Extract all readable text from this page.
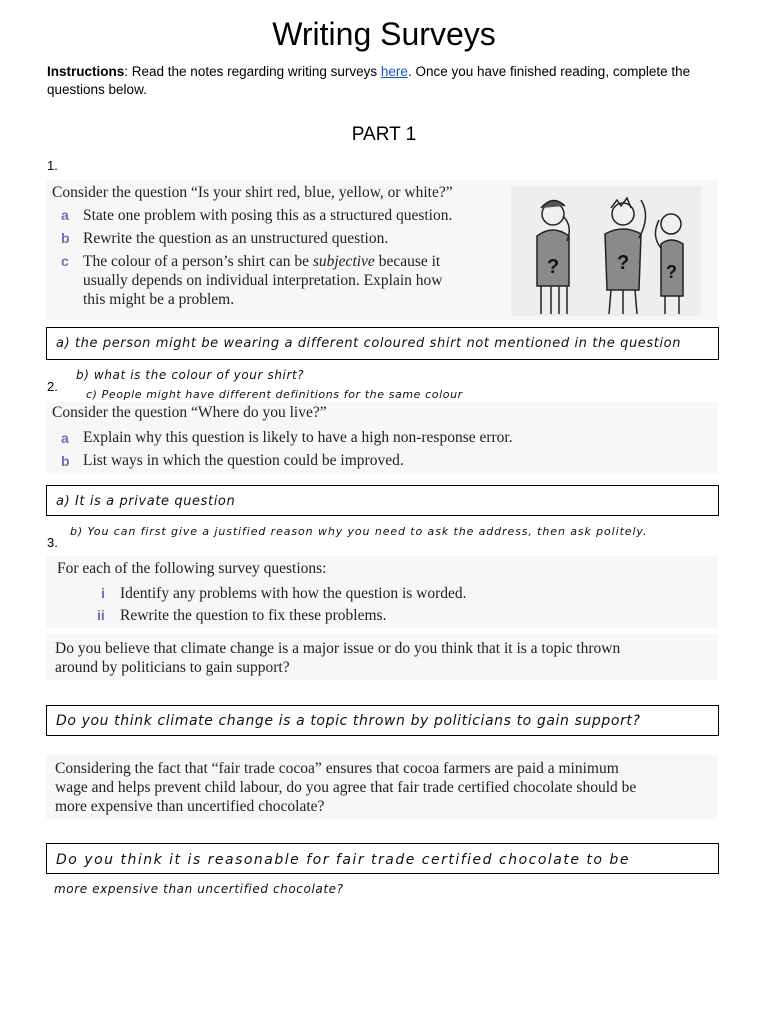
Writing Surveys
Instructions: Read the notes regarding writing surveys here. Once you have finished reading, complete the questions below.
PART 1
1.
Consider the question “Is your shirt red, blue, yellow, or white?”
a State one problem with posing this as a structured question.
b Rewrite the question as an unstructured question.
c The colour of a person’s shirt can be subjective because it
usually depends on individual interpretation. Explain how
this might be a problem.
?	? ?
a) the person might be wearing a different coloured shirt not mentioned in the question
b) what is the colour of your shirt?
c) People might have different definitions for the same colour
2.
Consider the question “Where do you live?”
a Explain why this question is likely to have a high non-response error.
b List ways in which the question could be improved.
a) It is a private question
b) You can first give a justified reason why you need to ask the address, then ask politely.
3.
For each of the following survey questions:
i Identify any problems with how the question is worded.
ii Rewrite the question to fix these problems.
Do you believe that climate change is a major issue or do you think that it is a topic thrown
around by politicians to gain support?
Do you think climate change is a topic thrown by politicians to gain support?
Considering the fact that “fair trade cocoa” ensures that cocoa farmers are paid a minimum
wage and helps prevent child labour, do you agree that fair trade certified chocolate should be
more expensive than uncertified chocolate?
Do you think it is reasonable for fair trade certified chocolate to be
more expensive than uncertified chocolate?
